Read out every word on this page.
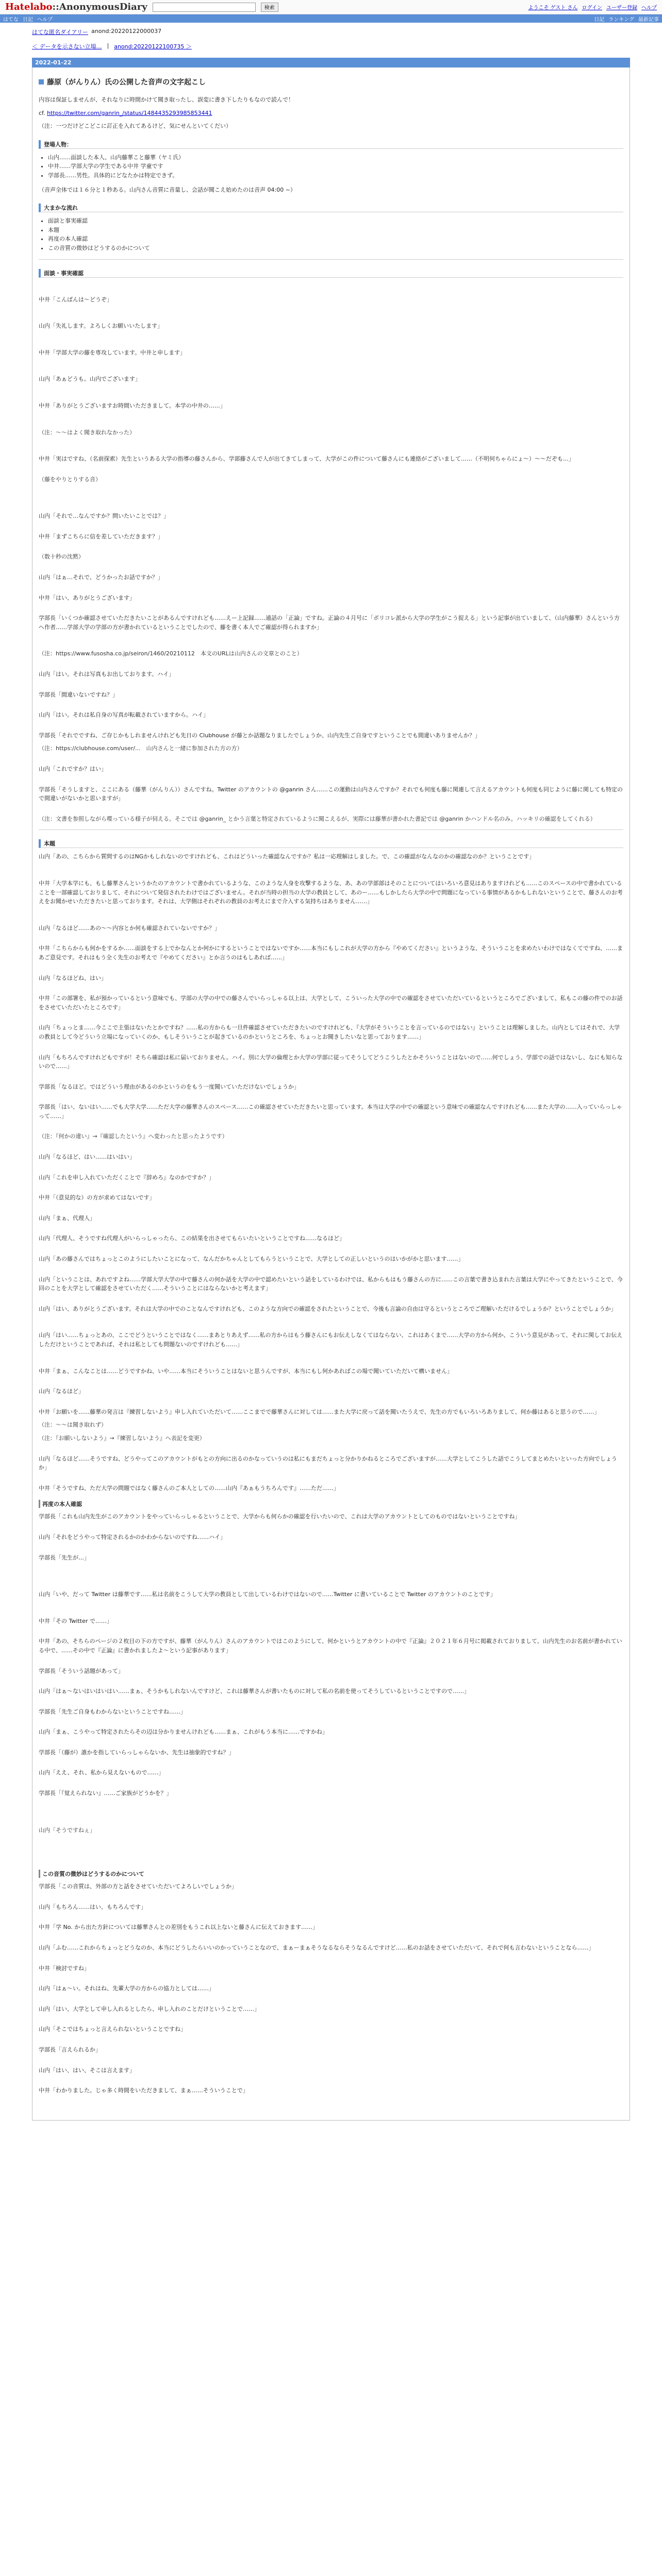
Hatelabo::AnonymousDiary	検索	ようこそ ゲスト さん ログイン ユーザー登録 ヘルプ
はてな 日記 ヘルプ	日記 ランキング 最新記事
はてな匿名ダイアリー anond:20220122000037
＜ データを示さない立場… | anond:20220122100735 ＞
2022-01-22
藤原（がんりん）氏の公開した音声の文字起こし

内容は保証しませんが、それなりに時間かけて聞き取ったし、誤変に書き下したりもなので読んで！

cf. https://twitter.com/ganrin_/status/1484435293985853441

（注：一つだけどこどこに訂正を入れてあるけど、気にせんといてくだい）

登場人物：
• 山内……面談した本人、山内藤華こと藤華（ヤミ氏）
• 中井……学部大学の学生である中井 学童です
• 学部長……男性。具体的にどなたかは特定できず。

（音声全体では１６分と１秒ある。山内さん音質に音量し、会話が聞こえ始めたのは音声 04:00 ~）

大まかな流れ
• 面談と事実確認
• 本題
• 再度の本人確認
• この音質の微妙はどうするのかについて
面談・事実確認

中井「こんばんは〜どうぞ」

山内「失礼します。よろしくお願いいたします」

中井「学部大学の藤を専攻しています。中井と申します」

山内「あぁどうも。山内でございます」

中井「ありがとうございますお時間いただきまして。本学の中井の……」

（注：〜〜はよく聞き取れなかった）

中井「実はですね、（名前探索）先生というある大学の指導の藤さんから、学部藤さんで人が出てきてしまって、大学がこの件について藤さんにも連絡がございまして……（不明何ちゃらにょ〜）〜〜だぞも…」

（藤をやりとりする音）

山内「それで…なんですか？問いたいことでは？」

中井「まずこちらに信を差していただきます？」

（数十秒の沈黙）

山内「はぁ…それで、どうかったお話ですか？」

中井「はい、ありがとうございます」

学部長「いくつか確認させていただきたいことがあるんですけれども……えー上記録……通話の「正論」ですね。正論の４月号に「ポリコレ派から大学の学生がこう捉える」という記事が出ていまして、（山内藤華）さんという方へ作者……学部大学の学部の方が書かれているということでしたので、藤を書く本人でご確認が得られますか」

（注：https://www.fusosha.co.jp/seiron/1460/20210112　本文のURLは山内さんの文章とのこと）

山内「はい。それは写真もお出しております。ハイ」

学部長「間違いないですね？」

山内「はい。それは私自身の写真が転載されていますから。ハイ」

学部長「それでですね、ご存じかもしれませんけれども先日の Clubhouse が藤とか話題なりましたでしょうか、山内先生ご自身ですということでも間違いありませんか？」

（注：https://clubhouse.com/user/...　山内さんと一緒に参加された方の方）

山内「これですか？はい」

学部長「そうしますと、ここにある（藤華（がんりん））さんですね。Twitter のアカウントの @ganrin さん……この運動は山内さんですか？それでも何度も藤に関連して言えるアカウントも何度も同じように藤に関しても特定ので間違いがないかと思いますが」

（注：文書を参照しながら喋っている様子が伺える。そこでは @ganrin_ とかう言葉と特定されているように聞こえるが、実際には藤華が書かれた書記では @ganrin かハンドル名のみ。ハッキリの確認をしてくれる）

本題

山内「あの、こちらから質問するのはNGかもしれないのですけれども、これはどういった確認なんですか？私は一応理解はしました。で、この確認がなんなのかの確認なのか？ということです」

中井「大学本学にも、もし藤華さんというかたのアカウントで書かれているような、このような人身を攻撃するような、あ、あの学部部はそのことについてはいろいろ意見はありますけれども……このスペースの中で書かれていることを一部確認しておりまして、それについて発信されたわけではございません。それが当時の担当の大学の教員として、あのー……もしかしたら大学の中で問題になっている事情があるかもしれないということで、藤さんのお考えをお聞かせいただきたいと思っております。それは、大学側はそれぞれの教員のお考えにまで介入する気持ちはありません……」

山内「なるほど……あの〜〜内容とか何も確認されていないですか？」

中井「こちらからも何かをするか……面談をする上でかなんとか何かにするということではないですか……本当にもしこれが大学の方から『やめてください』というような、そういうことを求めたいわけではなくてですね、……まあご意見です。それはもう全く先生のお考えで『やめてください』とか言うのはもしあれば……」

山内「なるほどね、はい」

中井「この部署を、私が預かっているという意味でも、学部の大学の中での藤さんでいらっしゃる以上は、大学として、こういった大学の中での確認をさせていただいているというところでございまして、私もこの藤の件でのお話をさせていただいたところです」

山内「ちょっとま……今ここで主張はないたとかですね？……私の方からも一旦件確認させていただきたいのですけれども、『大学がそういうことを言っているのではない』ということは理解しました。山内としてはそれで、大学の教員として今どういう立場になっていくのか、もしそういうことが起きているのかというところを、ちょっとお聞きしたいなと思っております……」

山内「もちろんですけれどもですが！そちら確認は私に届いておりません。ハイ。別に大学の倫理とか大学の学部に従ってそうしてどうこうしたとかそういうことはないので……何でしょう、学部での話ではないし、なにも知らないので……」

学部長「なるほど。ではどういう理由があるのかというのをもう一度聞いていただけないでしょうか」

学部長「はい、ないはい……でも大学大学……ただ大学の藤華さんのスペース……この確認させていただきたいと思っています。本当は大学の中での確認という意味での確認なんですけれども……また大学の……入っていらっしゃって……」

（注：『何かの違い』→『確認したという』へ変わったと思ったようです）

山内「なるほど、はい……はいはい」

山内「これを申し入れていただくことで『辞めろ』なのかですか？」

中井「（意見的な）の方が求めてはないです」

山内「まぁ、代理人」

山内「代理人、そうですね代理人がいらっしゃったら、この結果を出させてもらいたいということですね……なるほど」

山内「あの藤さんではちょっとこのようにしたいことになって、なんだかちゃんとしてもらうということで、大学としての正しいというのはいかがかと思います……」

山内「ということは、あれですよね……学部大学大学の中で藤さんの何か話を大学の中で認めたいという話をしているわけでは、私からもはもう藤さんの方に……この言葉で書き込まれた言葉は大学にやってきたということで、今回のことを大学として確認をさせていただく……そういうことにはならないかと考えます」

山内「はい、ありがとうございます。それは大学の中でのことなんですけれども、このような方向での確認をされたということで、今後も言論の自由は守るというところでご理解いただけるでしょうか？ということでしょうか」

山内「はい……ちょっとあの、ここでどうということではなく……まあとりあえず……私の方からはもう藤さんにもお伝えしなくてはならない、これはあくまで……大学の方から何か、こういう意見があって、それに関してお伝えしただけということであれば、それは私としても問題ないのですけれども……」

中井「まぁ、こんなことは……どうですかね、いや……本当にそういうことはないと思うんですが、本当にもし何かあればこの場で聞いていただいて構いません」

山内「なるほど」

中井「お願いを……藤華の発言は『練習しないよう』申し入れていただいて……ここまでで藤華さんに対しては……また大学に戻って話を聞いたうえで、先生の方でもいろいろありまして、何か藤はあると思うので……」

（注：〜〜は聞き取れず）

（注：『お願いしないよう』→『練習しないよう』へ表記を変更）

山内「なるほど……そうですね、どうやってこのアカウントがもとの方向に出るのかなっていうのは私にもまだちょっと分かりかねるところでございますが……大学としてこうした話でこうしてまとめたいといった方向でしょうか」

中井「そうですね、ただ大学の問題ではなく藤さんのご本人としての……山内『あぁもうちろんです』……ただ……」

再度の本人確認

学部長「これも山内先生がこのアカウントをやっていらっしゃるということで、大学からも何らかの確認を行いたいので、これは大学のアカウントとしてのものではないということですね」

山内「それをどうやって特定されるかのかわからないのですね……ハイ」

学部長「先生が…」

山内「いや、だって Twitter は藤華です……私は名前をこうして大学の教員として出しているわけではないので……Twitter に書いていることで Twitter のアカウントのことです」

中井「その Twitter で……」

中井「あの、そちらのページの２枚目の下の方ですが、藤華（がんりん）さんのアカウントではこのようにして、何かというとアカウントの中で『正論』２０２１年６月号に掲載されておりまして、山内先生のお名前が書かれている中で、……その中で『正論』に書かれましたよ〜という記事があります」

学部長「そういう話題があって」

山内「はぁ〜ないはいはいはい……まぁ、そうかもしれないんですけど、これは藤華さんが書いたものに対して私の名前を使ってそうしているということですので……」

学部長「先生ご自身もわからないということですね……」

山内「まぁ、こうやって特定されたらその辺は分かりませんけれども……まぁ、これがもう本当に……ですかね」

学部長「（藤が）誰かを指していらっしゃらないか、先生は抽象的ですね？」

山内「ええ、それ、私から見えないもので……」

学部長「『覚えられない』……ご家族がどうかを？」

山内「そうですねぇ」

この音質の微妙はどうするのかについて

学部長「この音質は、外部の方と話をさせていただいてよろしいでしょうか」

山内「もちろん……はい、もちろんです」

中井「学 No. から出た方針については藤華さんとの差別をもうこれ以上ないと藤さんに伝えておきます……」

山内「ふむ……これからちょっとどうなのか、本当にどうしたらいいのかっていうことなので、まぁーまぁそうなるならそうなるんですけど……私のお話をさせていただいて、それで何も言わないということなら……」

中井「検討ですね」

山内「はぁ〜い。それはね、先輩大学の方からの協力としては……」

山内「はい、大学として申し入れるとしたら、申し入れのことだけということで……」

山内「そこではちょっと言えられないということですね」

学部長「言えられるか」

山内「はい、はい、そこは言えます」

中井「わかりました。じゃ多く時間をいただきまして、まぁ……そういうことで」
